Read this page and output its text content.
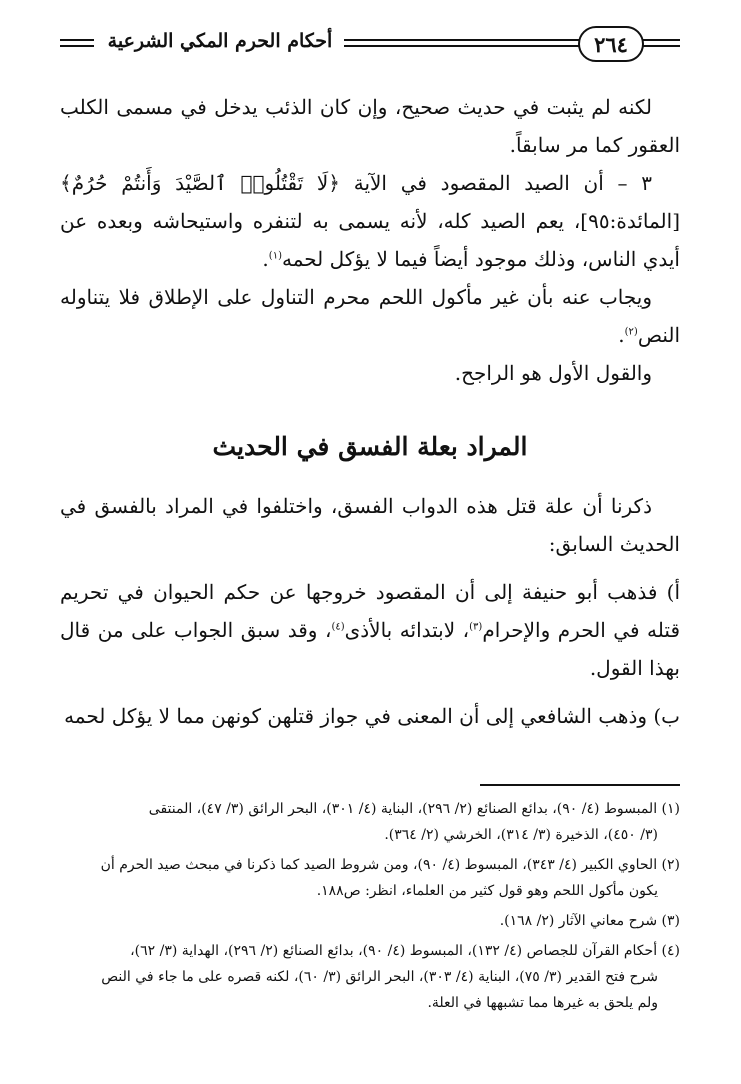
٢٦٤
أحكام الحرم المكي الشرعية

لكنه لم يثبت في حديث صحيح، وإن كان الذئب يدخل في مسمى الكلب العقور كما مر سابقاً.

٣ – أن الصيد المقصود في الآية ﴿لَا تَقْتُلُوا۟ ٱلصَّيْدَ وَأَنتُمْ حُرُمٌ﴾ [المائدة:٩٥]، يعم الصيد كله، لأنه يسمى به لتنفره واستيحاشه وبعده عن أيدي الناس، وذلك موجود أيضاً فيما لا يؤكل لحمه$^{(١)}$.

ويجاب عنه بأن غير مأكول اللحم محرم التناول على الإطلاق فلا يتناوله النص$^{(٢)}$.

والقول الأول هو الراجح.

المراد بعلة الفسق في الحديث

ذكرنا أن علة قتل هذه الدواب الفسق، واختلفوا في المراد بالفسق في الحديث السابق:

أ) فذهب أبو حنيفة إلى أن المقصود خروجها عن حكم الحيوان في تحريم قتله في الحرم والإحرام$^{(٣)}$، لابتدائه بالأذى$^{(٤)}$، وقد سبق الجواب على من قال بهذا القول.

ب) وذهب الشافعي إلى أن المعنى في جواز قتلهن كونهن مما لا يؤكل لحمه

(١) المبسوط (٤/ ٩٠)، بدائع الصنائع (٢/ ٢٩٦)، البناية (٤/ ٣٠١)، البحر الرائق (٣/ ٤٧)، المنتقى
(٣/ ٤٥٠)، الذخيرة (٣/ ٣١٤)، الخرشي (٢/ ٣٦٤).

(٢) الحاوي الكبير (٤/ ٣٤٣)، المبسوط (٤/ ٩٠)، ومن شروط الصيد كما ذكرنا في مبحث صيد الحرم أن
يكون مأكول اللحم وهو قول كثير من العلماء، انظر: ص١٨٨.

(٣) شرح معاني الآثار (٢/ ١٦٨).

(٤) أحكام القرآن للجصاص (٤/ ١٣٢)، المبسوط (٤/ ٩٠)، بدائع الصنائع (٢/ ٢٩٦)، الهداية (٣/ ٦٢)،
شرح فتح القدير (٣/ ٧٥)، البناية (٤/ ٣٠٣)، البحر الرائق (٣/ ٦٠)، لكنه قصره على ما جاء في النص
ولم يلحق به غيرها مما تشبهها في العلة.
